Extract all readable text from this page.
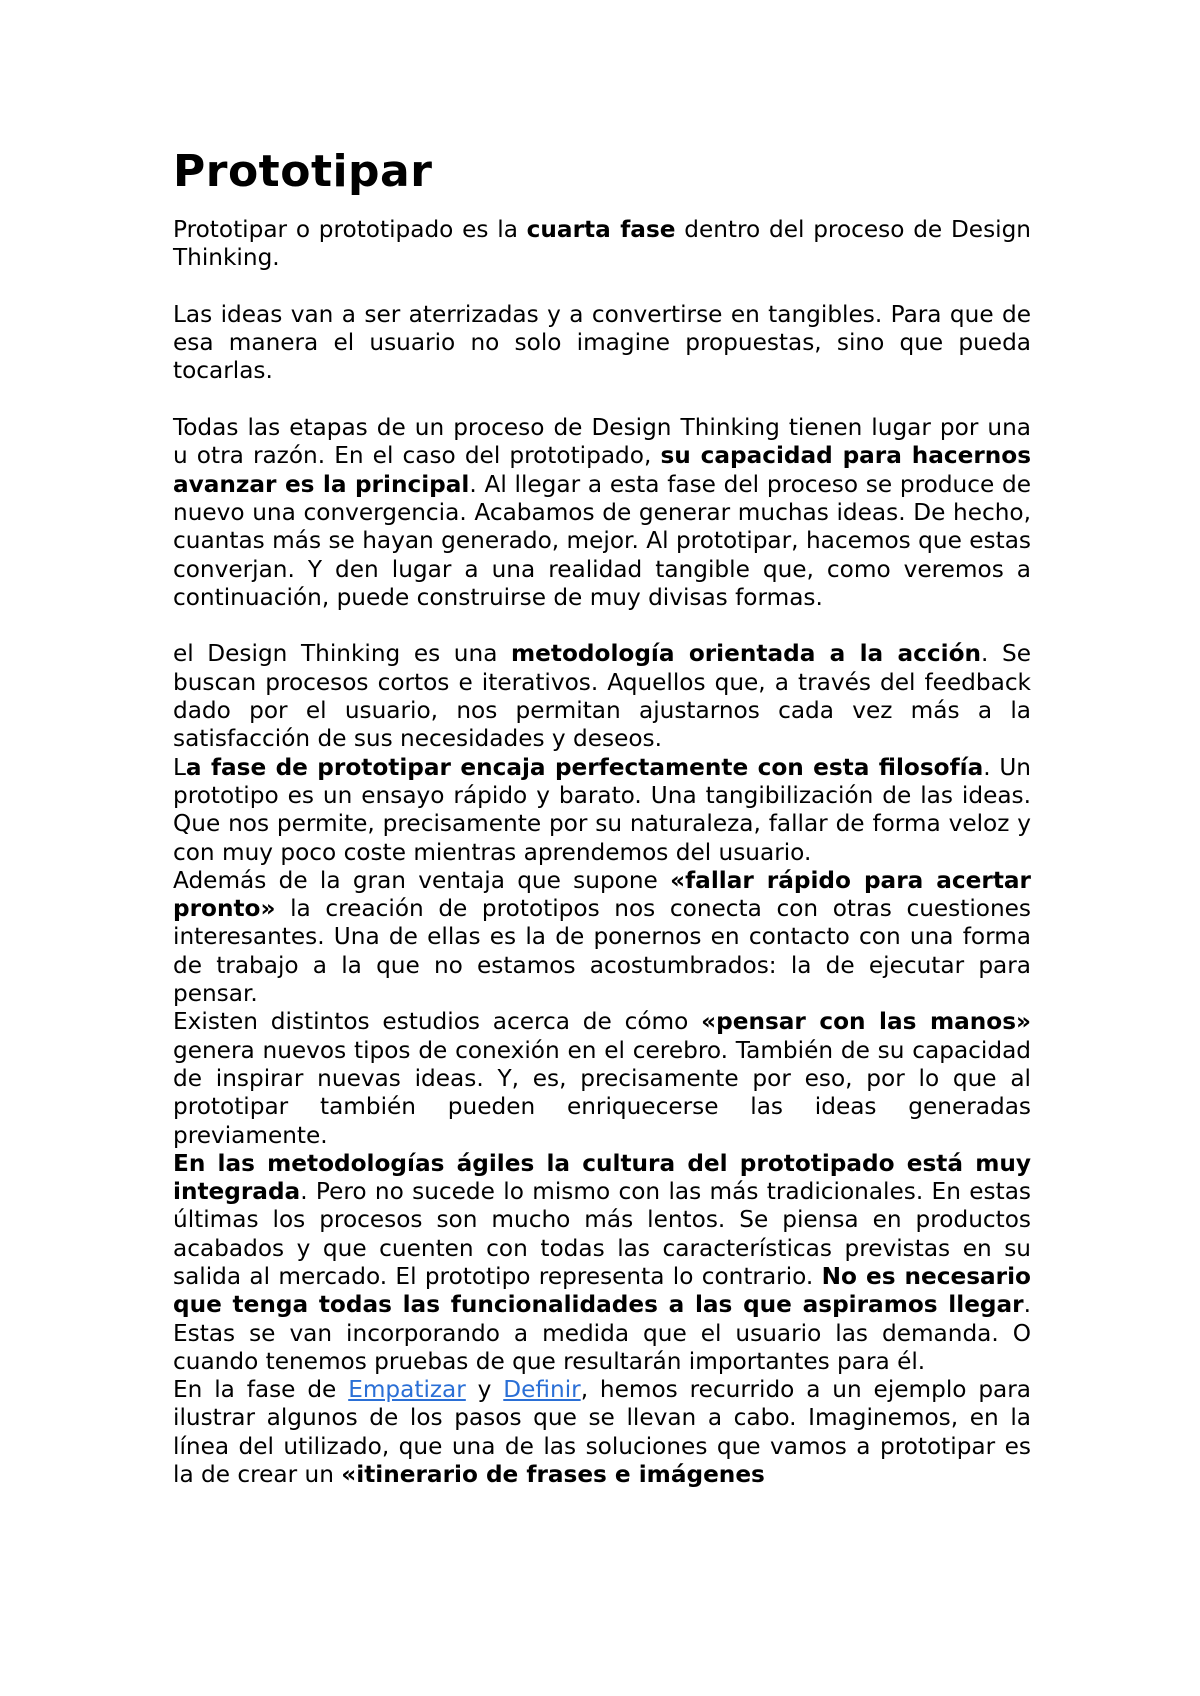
Prototipar

Prototipar o prototipado es la cuarta fase dentro del proceso de Design Thinking.

Las ideas van a ser aterrizadas y a convertirse en tangibles. Para que de esa manera el usuario no solo imagine propuestas, sino que pueda tocarlas.

Todas las etapas de un proceso de Design Thinking tienen lugar por una u otra razón. En el caso del prototipado, su capacidad para hacernos avanzar es la principal. Al llegar a esta fase del proceso se produce de nuevo una convergencia. Acabamos de generar muchas ideas. De hecho, cuantas más se hayan generado, mejor. Al prototipar, hacemos que estas converjan. Y den lugar a una realidad tangible que, como veremos a continuación, puede construirse de muy divisas formas.

el Design Thinking es una metodología orientada a la acción. Se buscan procesos cortos e iterativos. Aquellos que, a través del feedback dado por el usuario, nos permitan ajustarnos cada vez más a la satisfacción de sus necesidades y deseos.

La fase de prototipar encaja perfectamente con esta filosofía. Un prototipo es un ensayo rápido y barato. Una tangibilización de las ideas. Que nos permite, precisamente por su naturaleza, fallar de forma veloz y con muy poco coste mientras aprendemos del usuario.

Además de la gran ventaja que supone «fallar rápido para acertar pronto» la creación de prototipos nos conecta con otras cuestiones interesantes. Una de ellas es la de ponernos en contacto con una forma de trabajo a la que no estamos acostumbrados: la de ejecutar para pensar.

Existen distintos estudios acerca de cómo «pensar con las manos» genera nuevos tipos de conexión en el cerebro. También de su capacidad de inspirar nuevas ideas. Y, es, precisamente por eso, por lo que al prototipar también pueden enriquecerse las ideas generadas previamente.

En las metodologías ágiles la cultura del prototipado está muy integrada. Pero no sucede lo mismo con las más tradicionales. En estas últimas los procesos son mucho más lentos. Se piensa en productos acabados y que cuenten con todas las características previstas en su salida al mercado. El prototipo representa lo contrario. No es necesario que tenga todas las funcionalidades a las que aspiramos llegar. Estas se van incorporando a medida que el usuario las demanda. O cuando tenemos pruebas de que resultarán importantes para él.

En la fase de Empatizar y Definir, hemos recurrido a un ejemplo para ilustrar algunos de los pasos que se llevan a cabo. Imaginemos, en la línea del utilizado, que una de las soluciones que vamos a prototipar es la de crear un «itinerario de frases e imágenes
